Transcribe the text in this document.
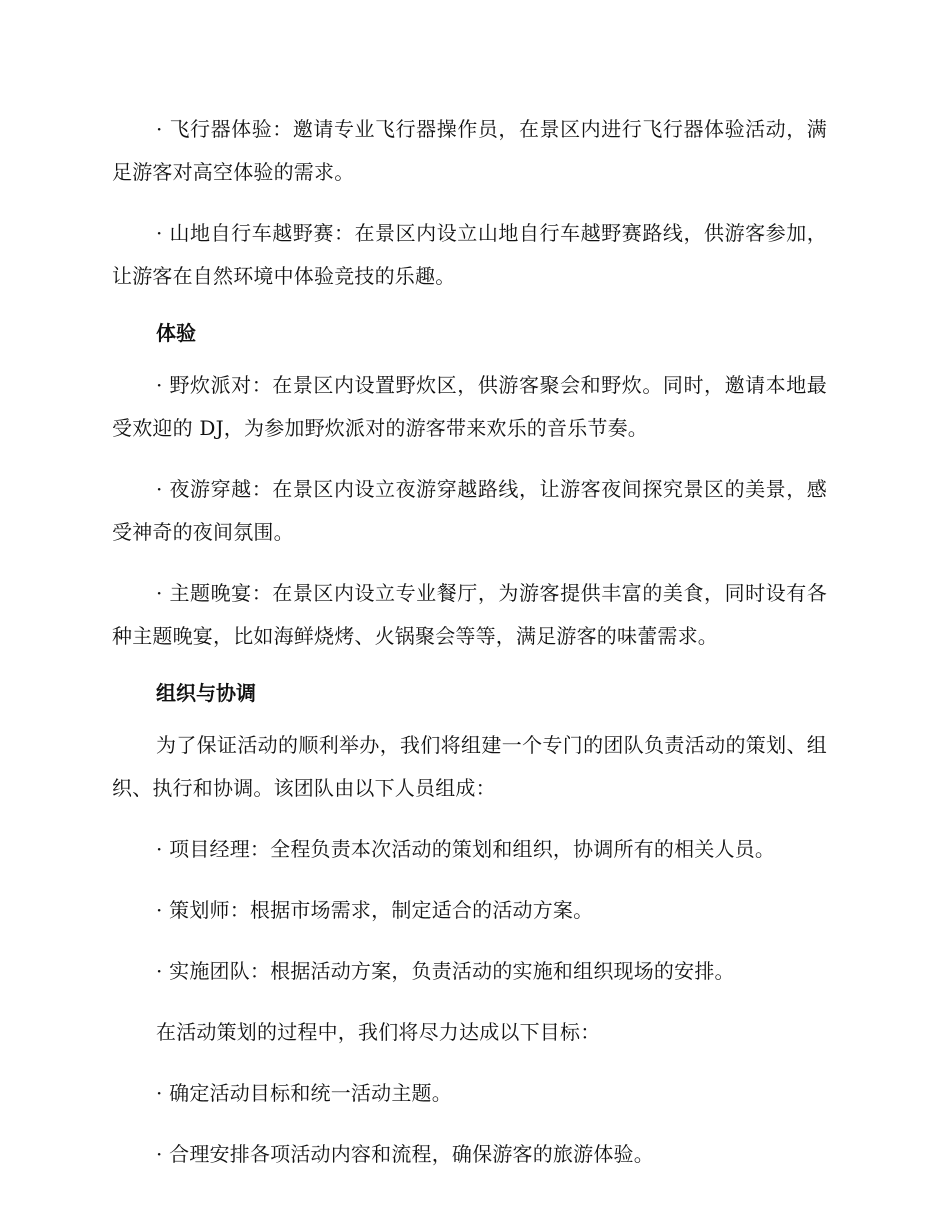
· 飞行器体验：邀请专业飞行器操作员，在景区内进行飞行器体验活动，满足游客对高空体验的需求。

· 山地自行车越野赛：在景区内设立山地自行车越野赛路线，供游客参加，让游客在自然环境中体验竞技的乐趣。

体验

· 野炊派对：在景区内设置野炊区，供游客聚会和野炊。同时，邀请本地最受欢迎的 DJ，为参加野炊派对的游客带来欢乐的音乐节奏。

· 夜游穿越：在景区内设立夜游穿越路线，让游客夜间探究景区的美景，感受神奇的夜间氛围。

· 主题晚宴：在景区内设立专业餐厅，为游客提供丰富的美食，同时设有各种主题晚宴，比如海鲜烧烤、火锅聚会等等，满足游客的味蕾需求。

组织与协调

为了保证活动的顺利举办，我们将组建一个专门的团队负责活动的策划、组织、执行和协调。该团队由以下人员组成：

· 项目经理：全程负责本次活动的策划和组织，协调所有的相关人员。

· 策划师：根据市场需求，制定适合的活动方案。

· 实施团队：根据活动方案，负责活动的实施和组织现场的安排。

在活动策划的过程中，我们将尽力达成以下目标：

· 确定活动目标和统一活动主题。

· 合理安排各项活动内容和流程，确保游客的旅游体验。
